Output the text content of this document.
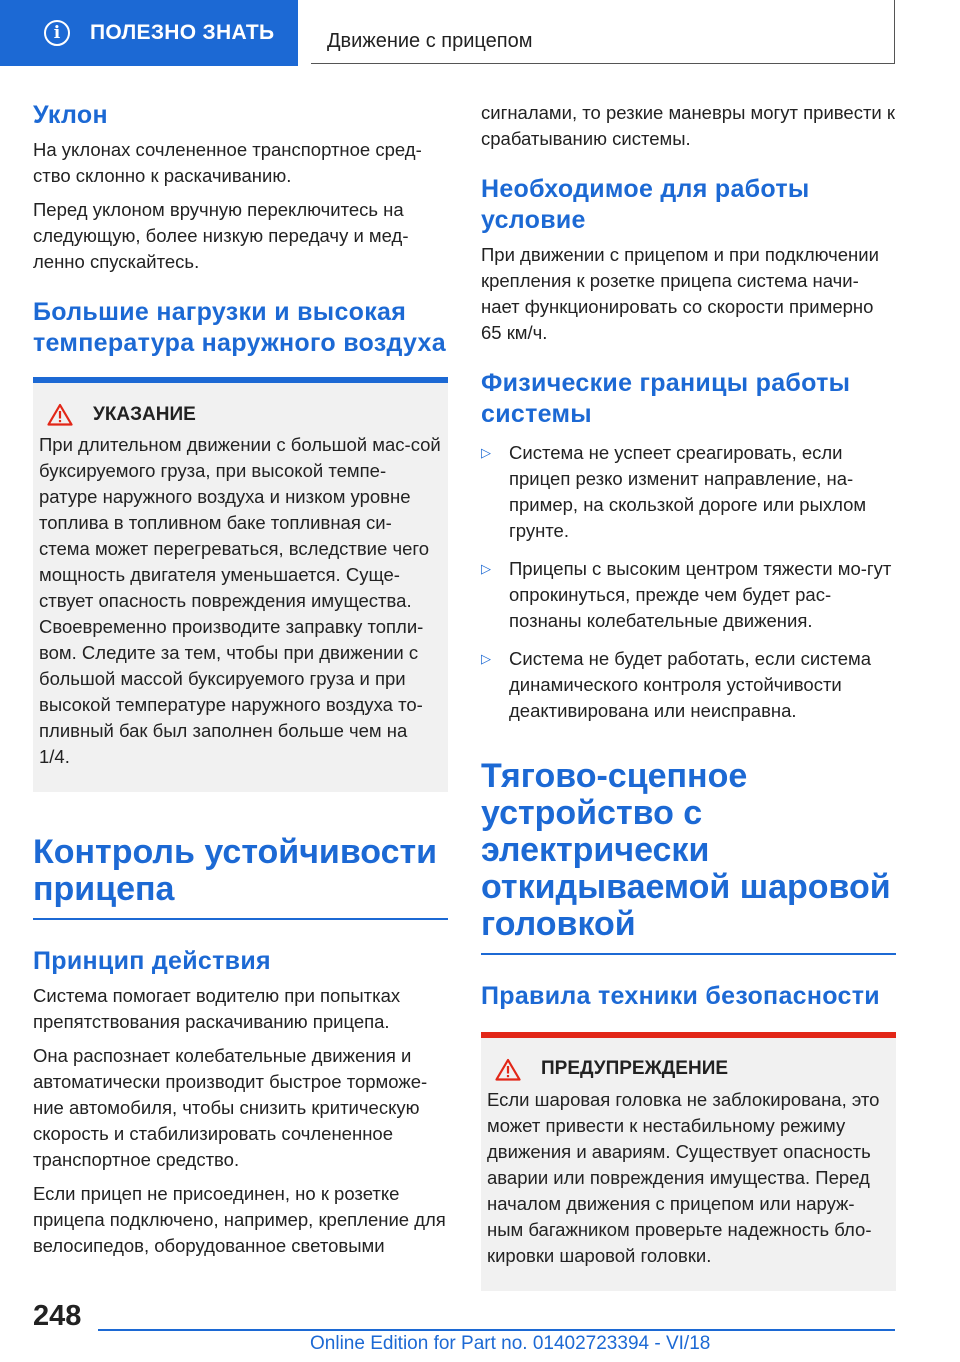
i	ПОЛЕЗНО ЗНАТЬ	Движение с прицепом
Уклон

На уклонах сочлененное транспортное сред-ство склонно к раскачиванию.

Перед уклоном вручную переключитесь на следующую, более низкую передачу и мед-ленно спускайтесь.

Большие нагрузки и высокая температура наружного воздуха
УКАЗАНИЕ

При длительном движении с большой мас-сой буксируемого груза, при высокой темпе-ратуре наружного воздуха и низком уровне топлива в топливном баке топливная си-стема может перегреваться, вследствие чего мощность двигателя уменьшается. Суще-ствует опасность повреждения имущества. Своевременно производите заправку топли-вом. Следите за тем, чтобы при движении с большой массой буксируемого груза и при высокой температуре наружного воздуха то-пливный бак был заполнен больше чем на 1/4.

Контроль устойчивости прицепа
Принцип действия

Система помогает водителю при попытках препятствования раскачиванию прицепа.

Она распознает колебательные движения и автоматически производит быстрое торможе-ние автомобиля, чтобы снизить критическую скорость и стабилизировать сочлененное транспортное средство.

Если прицеп не присоединен, но к розетке прицепа подключено, например, крепление для велосипедов, оборудованное световыми

сигналами, то резкие маневры могут привести к срабатыванию системы.

Необходимое для работы условие

При движении с прицепом и при подключении крепления к розетке прицепа система начи-нает функционировать со скорости примерно 65 км/ч.

Физические границы работы системы
▷ Система не успеет среагировать, если прицеп резко изменит направление, на-пример, на скользкой дороге или рыхлом грунте.
▷ Прицепы с высоким центром тяжести мо-гут опрокинуться, прежде чем будет рас-познаны колебательные движения.
▷ Система не будет работать, если система динамического контроля устойчивости деактивирована или неисправна.
Тягово-сцепное устройство с электрически откидываемой шаровой головкой
Правила техники безопасности
ПРЕДУПРЕЖДЕНИЕ

Если шаровая головка не заблокирована, это может привести к нестабильному режиму движения и авариям. Существует опасность аварии или повреждения имущества. Перед началом движения с прицепом или наруж-ным багажником проверьте надежность бло-кировки шаровой головки.

248
Online Edition for Part no. 01402723394 - VI/18
